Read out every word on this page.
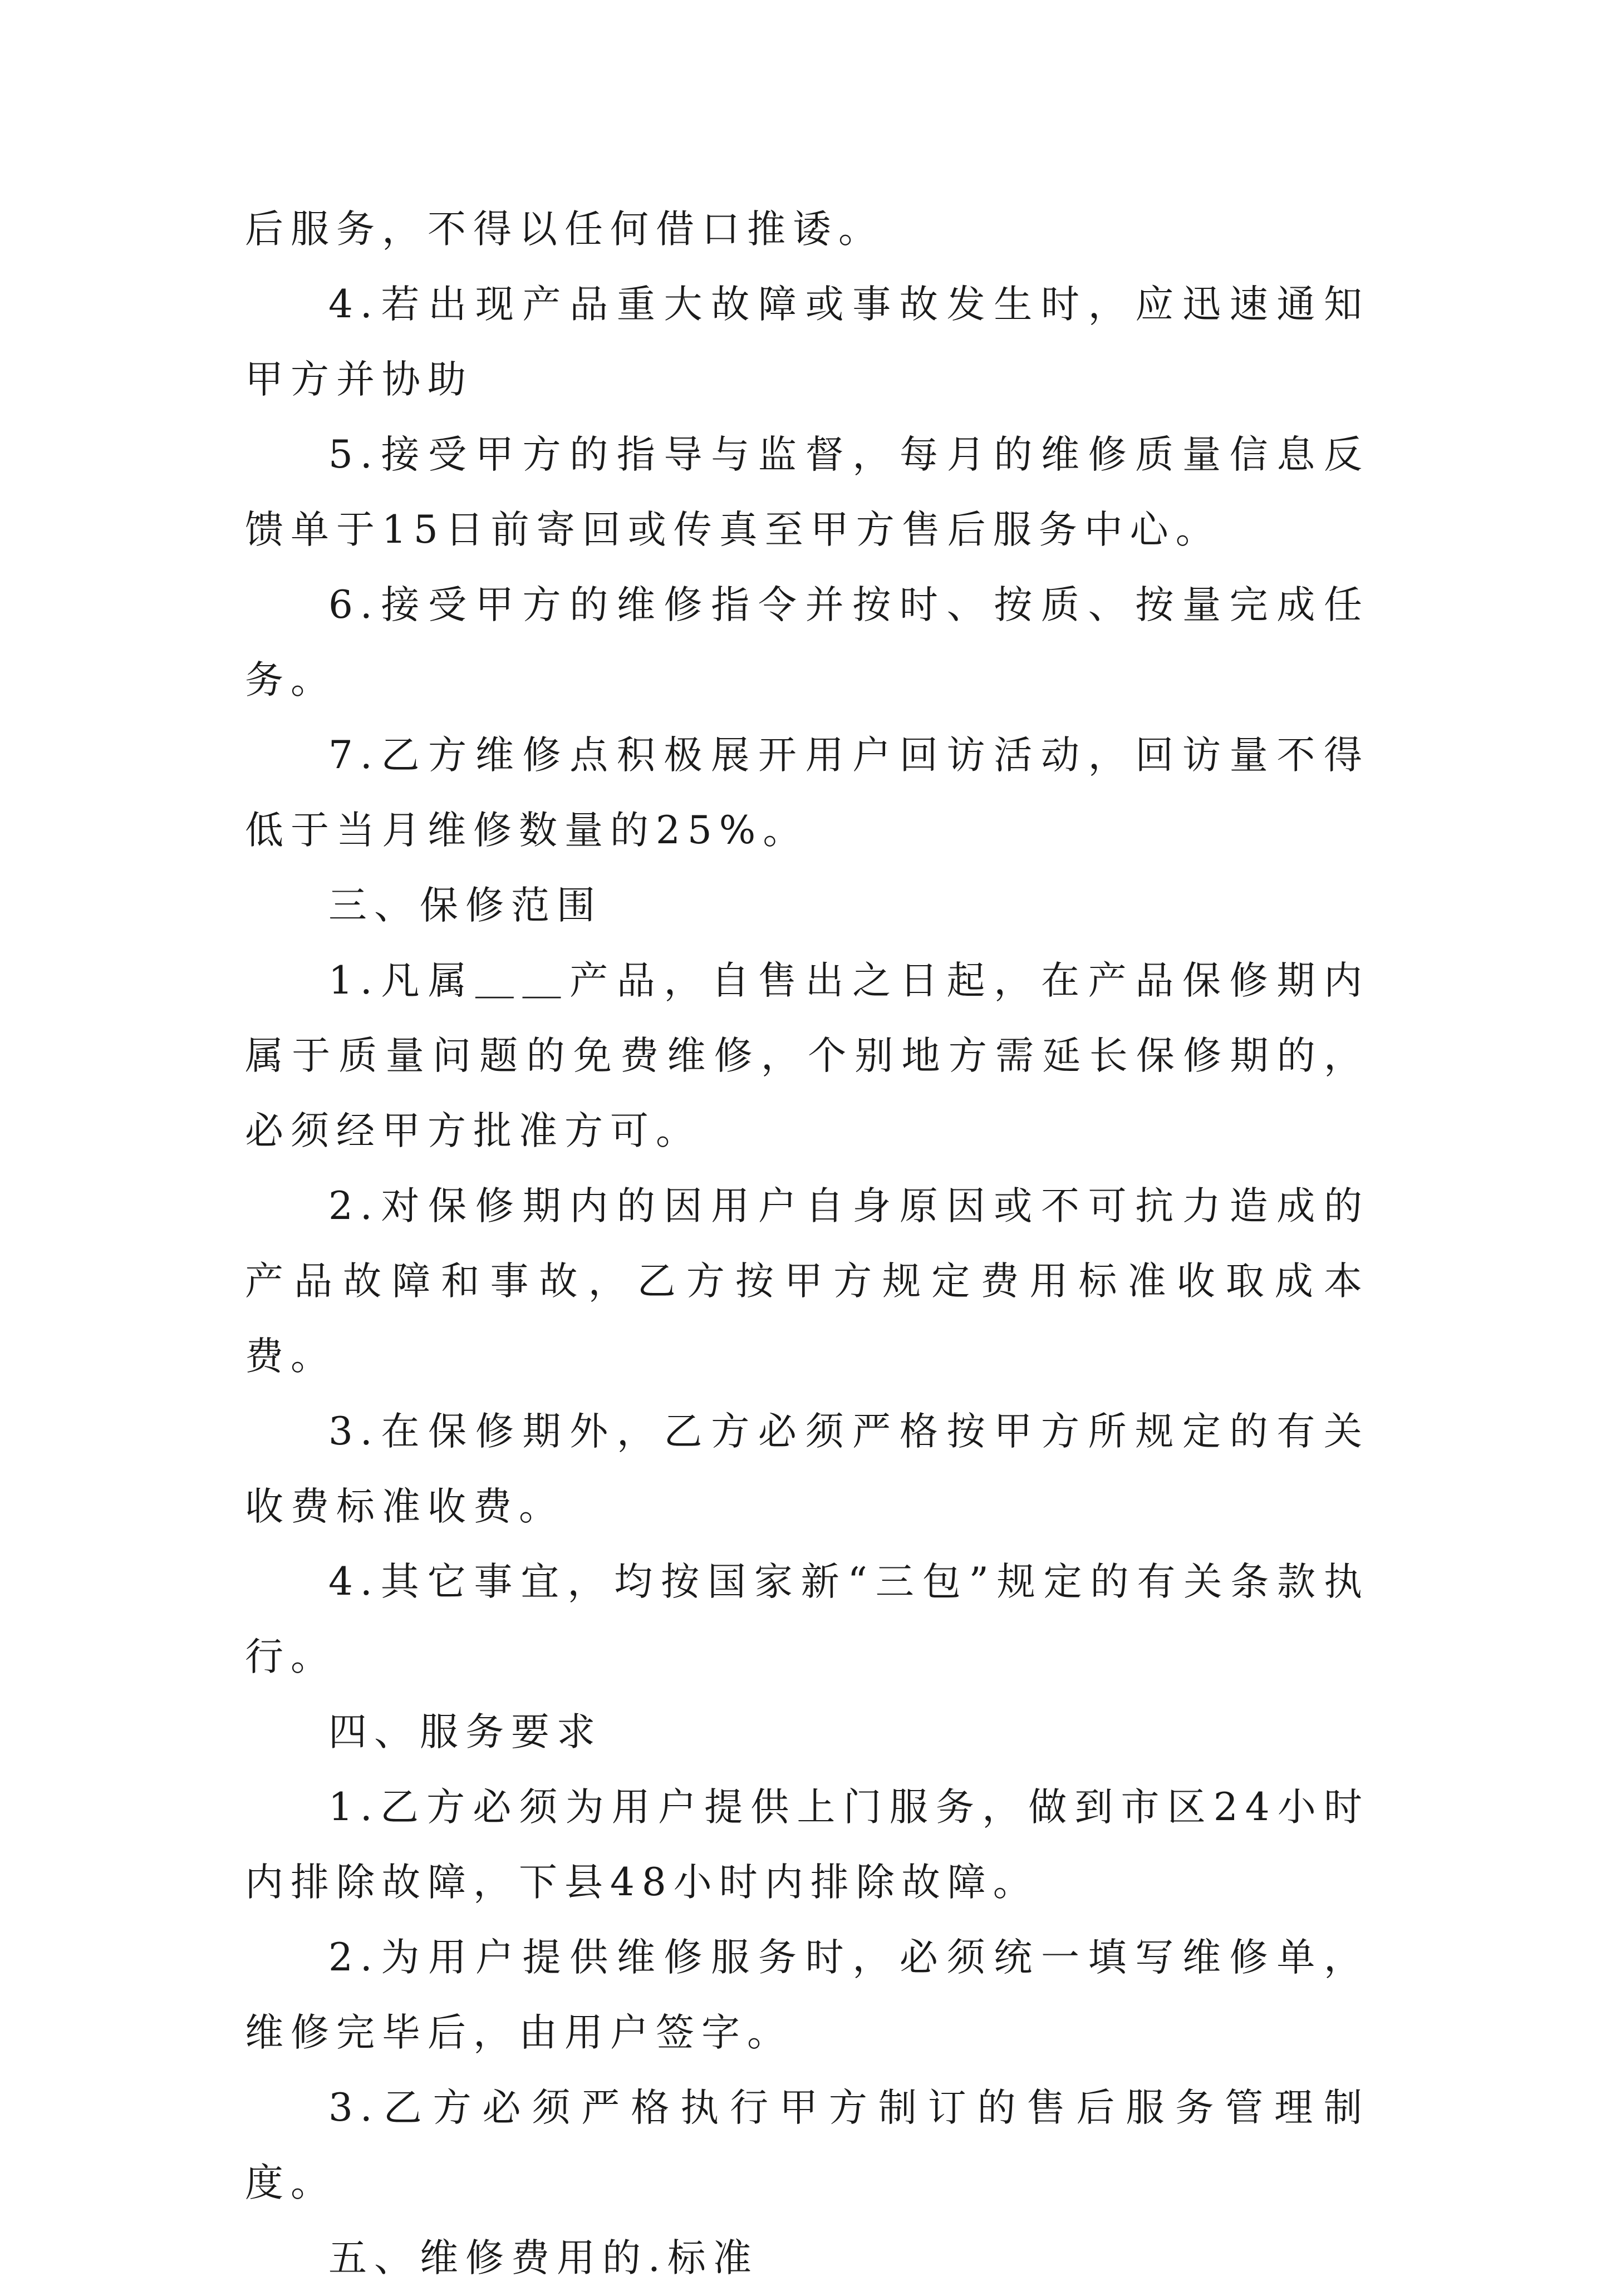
后服务，不得以任何借口推诿。

4.若出现产品重大故障或事故发生时，应迅速通知甲方并协助

5.接受甲方的指导与监督，每月的维修质量信息反馈单于15日前寄回或传真至甲方售后服务中心。

6.接受甲方的维修指令并按时、按质、按量完成任务。

7.乙方维修点积极展开用户回访活动，回访量不得低于当月维修数量的25%。

三、保修范围

1.凡属＿＿产品，自售出之日起，在产品保修期内属于质量问题的免费维修，个别地方需延长保修期的，必须经甲方批准方可。

2.对保修期内的因用户自身原因或不可抗力造成的产品故障和事故，乙方按甲方规定费用标准收取成本费。

3.在保修期外，乙方必须严格按甲方所规定的有关收费标准收费。

4.其它事宜，均按国家新“三包”规定的有关条款执行。

四、服务要求

1.乙方必须为用户提供上门服务，做到市区24小时内排除故障，下县48小时内排除故障。

2.为用户提供维修服务时，必须统一填写维修单，维修完毕后，由用户签字。

3.乙方必须严格执行甲方制订的售后服务管理制度。

五、维修费用的.标准
